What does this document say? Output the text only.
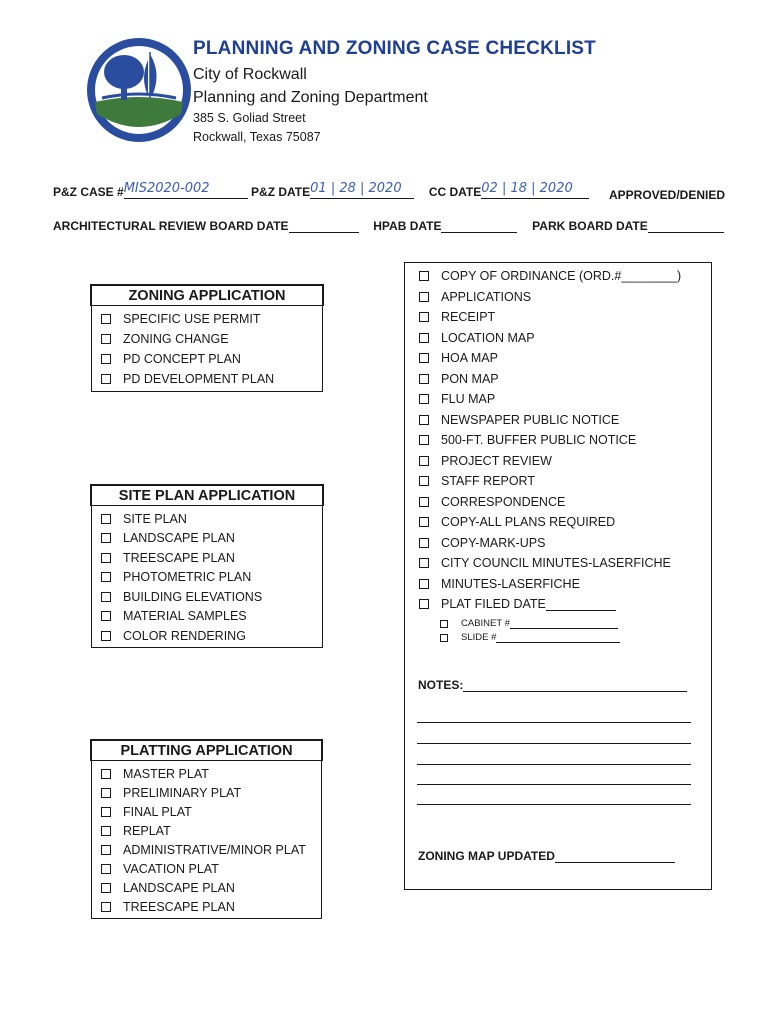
PLANNING AND ZONING CASE CHECKLIST
City of Rockwall
Planning and Zoning Department
385 S. Goliad Street
Rockwall, Texas 75087
P&Z CASE #MIS2020-002	P&Z DATE01 | 28 | 2020 CC DATE02 | 18 | 2020	APPROVED/DENIED
ARCHITECTURAL REVIEW BOARD DATE	HPAB DATE	PARK BOARD DATE
ZONING APPLICATION
SPECIFIC USE PERMIT
ZONING CHANGE
PD CONCEPT PLAN
PD DEVELOPMENT PLAN
SITE PLAN APPLICATION
SITE PLAN
LANDSCAPE PLAN
TREESCAPE PLAN
PHOTOMETRIC PLAN
BUILDING ELEVATIONS
MATERIAL SAMPLES
COLOR RENDERING
PLATTING APPLICATION
MASTER PLAT
PRELIMINARY PLAT
FINAL PLAT
REPLAT
ADMINISTRATIVE/MINOR PLAT
VACATION PLAT
LANDSCAPE PLAN
TREESCAPE PLAN
COPY OF ORDINANCE (ORD.#________)
APPLICATIONS
RECEIPT
LOCATION MAP
HOA MAP
PON MAP
FLU MAP
NEWSPAPER PUBLIC NOTICE
500-FT. BUFFER PUBLIC NOTICE
PROJECT REVIEW
STAFF REPORT
CORRESPONDENCE
COPY-ALL PLANS REQUIRED
COPY-MARK-UPS
CITY COUNCIL MINUTES-LASERFICHE
MINUTES-LASERFICHE
PLAT FILED DATE
CABINET #
SLIDE #
NOTES:
ZONING MAP UPDATED
